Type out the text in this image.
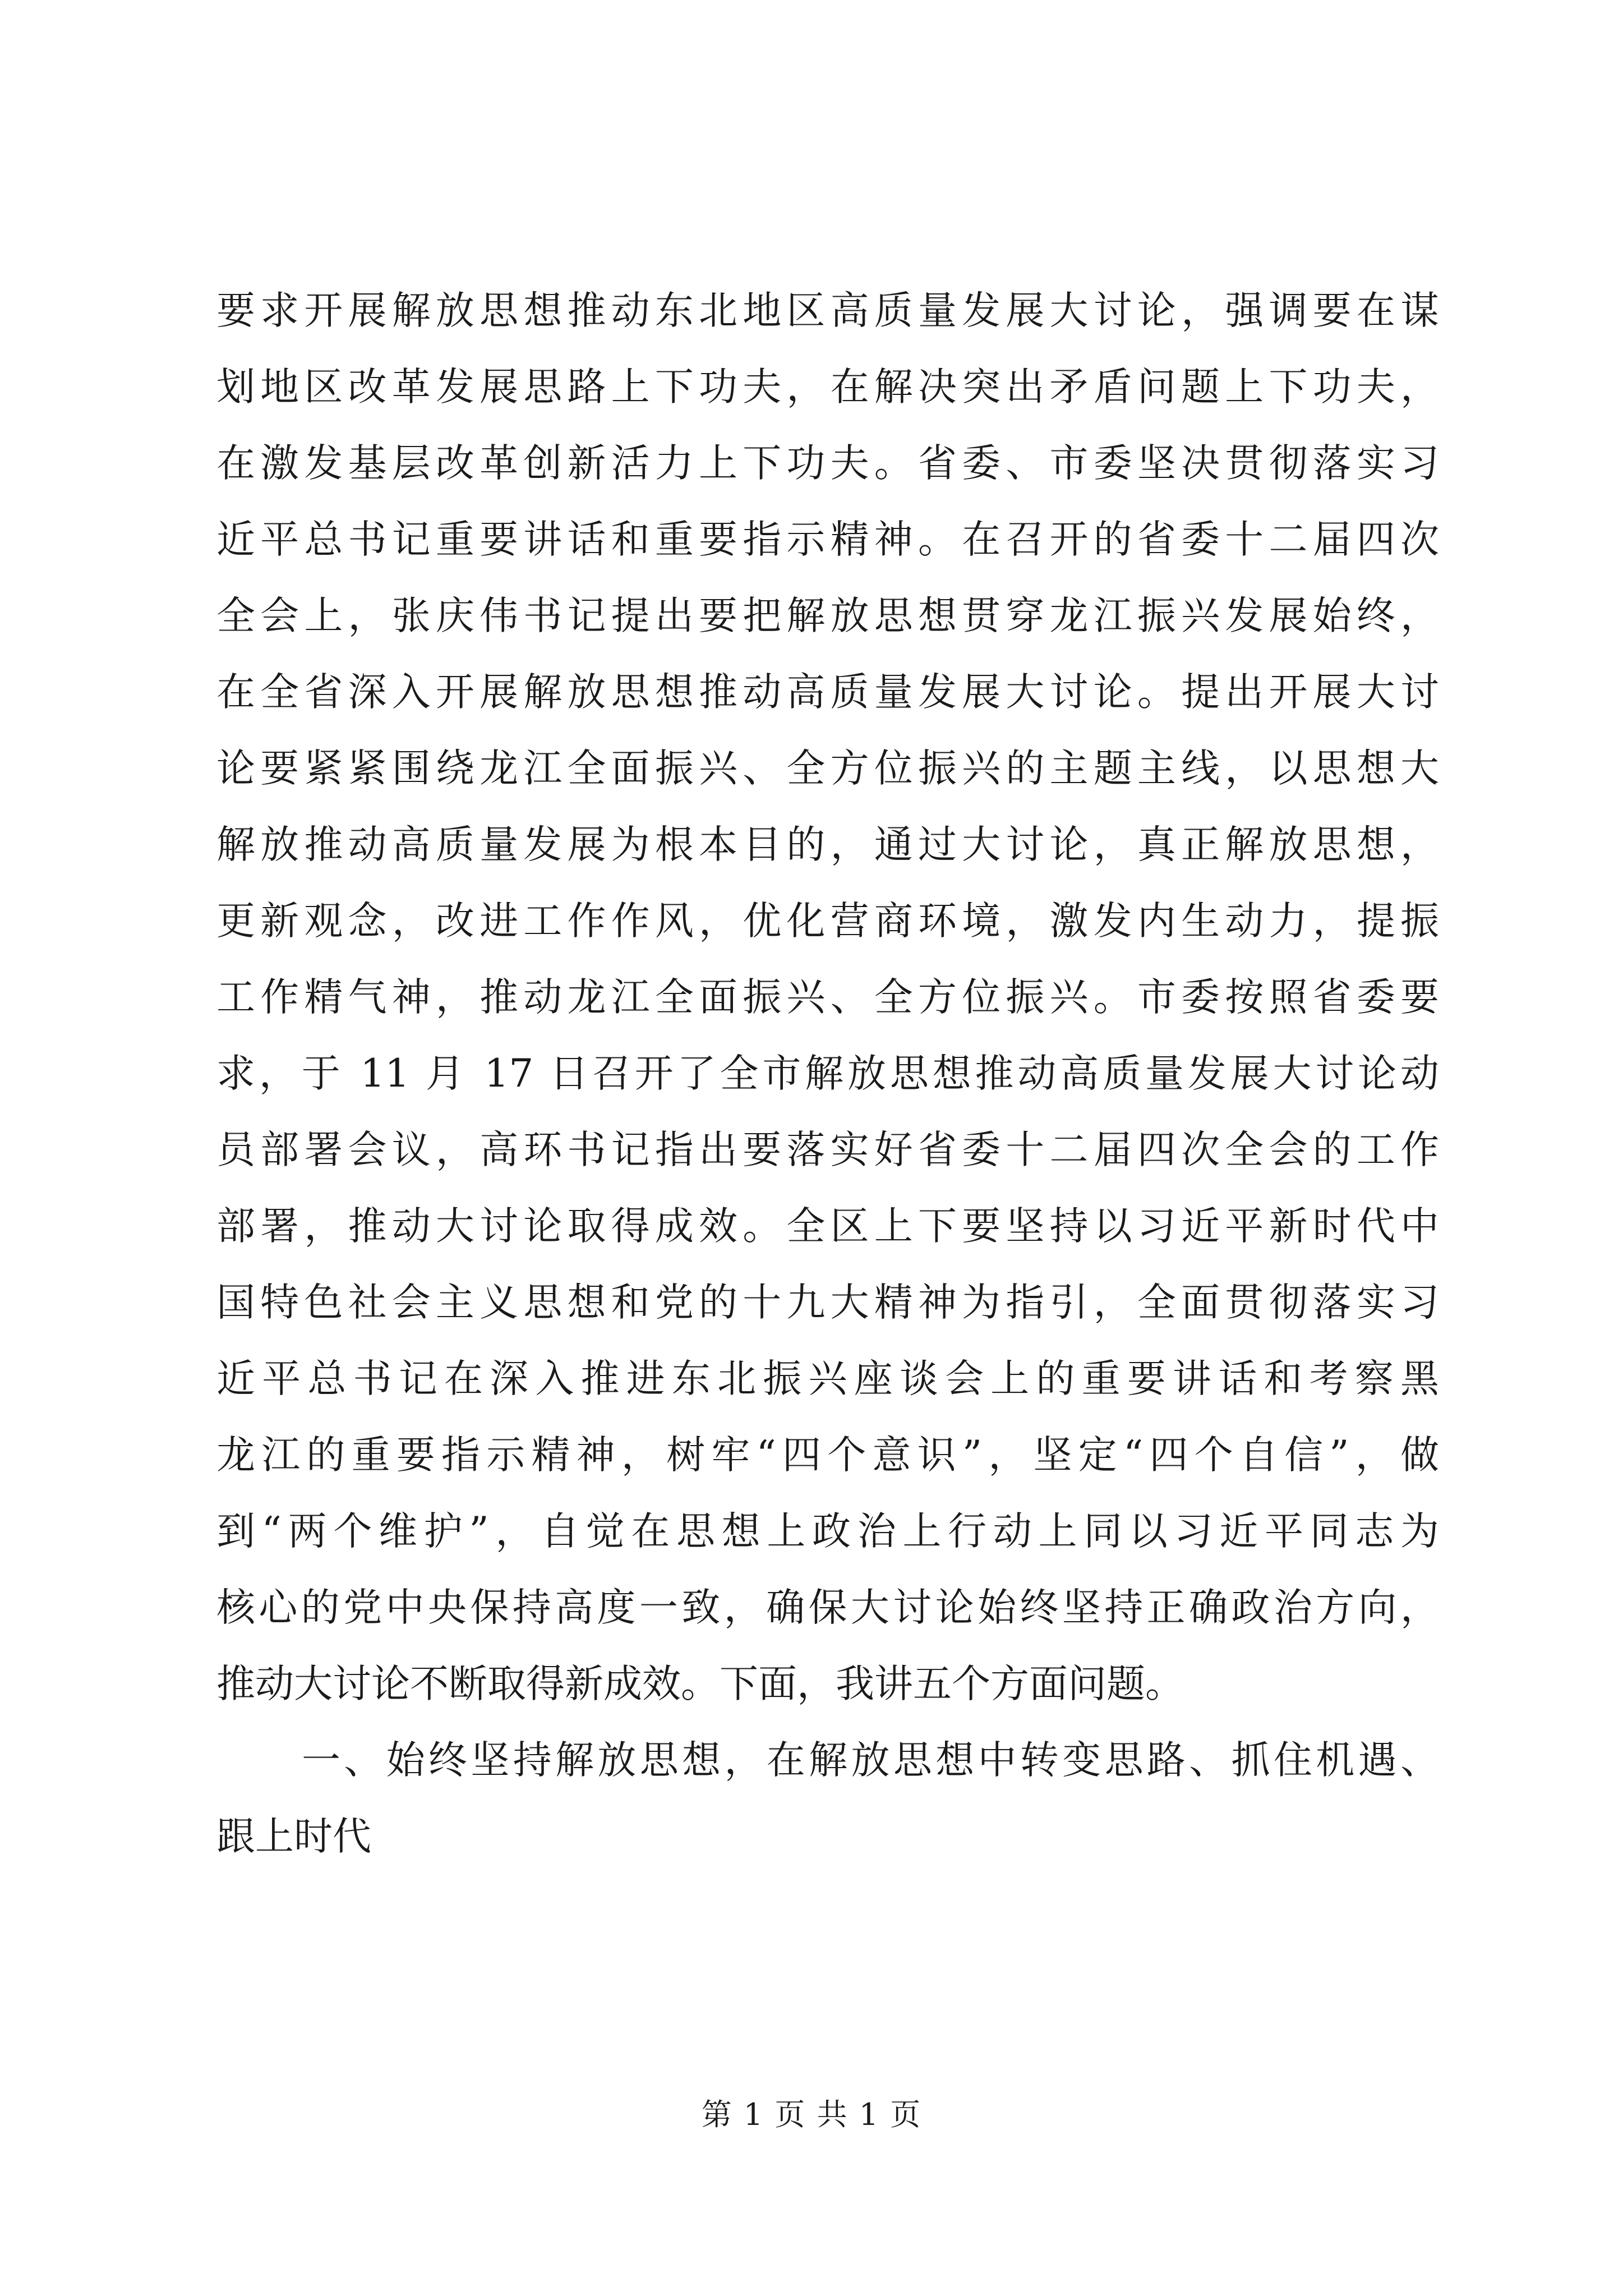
要求开展解放思想推动东北地区高质量发展大讨论，强调要在谋
划地区改革发展思路上下功夫，在解决突出矛盾问题上下功夫，
在激发基层改革创新活力上下功夫。省委、市委坚决贯彻落实习
近平总书记重要讲话和重要指示精神。在召开的省委十二届四次
全会上，张庆伟书记提出要把解放思想贯穿龙江振兴发展始终，
在全省深入开展解放思想推动高质量发展大讨论。提出开展大讨
论要紧紧围绕龙江全面振兴、全方位振兴的主题主线，以思想大
解放推动高质量发展为根本目的，通过大讨论，真正解放思想，
更新观念，改进工作作风，优化营商环境，激发内生动力，提振
工作精气神，推动龙江全面振兴、全方位振兴。市委按照省委要
求，于 11 月 17 日召开了全市解放思想推动高质量发展大讨论动
员部署会议，高环书记指出要落实好省委十二届四次全会的工作
部署，推动大讨论取得成效。全区上下要坚持以习近平新时代中
国特色社会主义思想和党的十九大精神为指引，全面贯彻落实习
近平总书记在深入推进东北振兴座谈会上的重要讲话和考察黑
龙江的重要指示精神，树牢“四个意识”，坚定“四个自信”，做
到“两个维护”，自觉在思想上政治上行动上同以习近平同志为
核心的党中央保持高度一致，确保大讨论始终坚持正确政治方向，
推动大讨论不断取得新成效。下面，我讲五个方面问题。
一、始终坚持解放思想，在解放思想中转变思路、抓住机遇、
跟上时代
第 1 页 共 1 页
